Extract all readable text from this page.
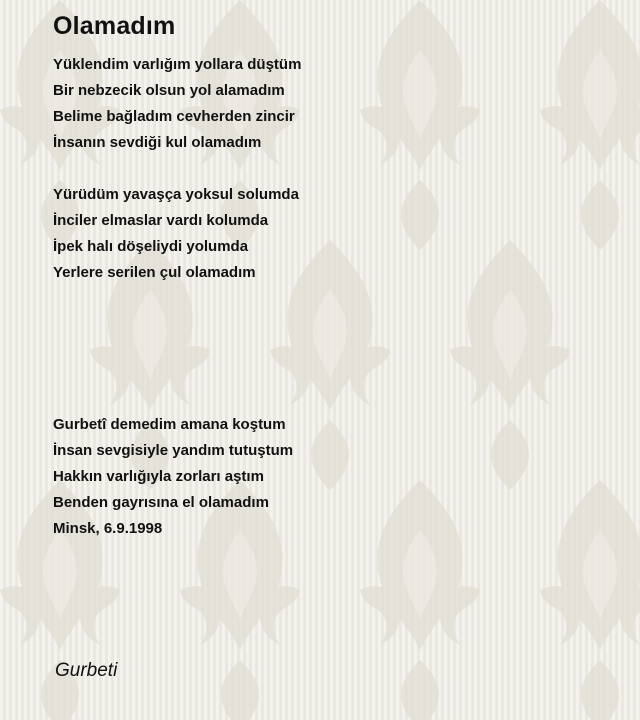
Olamadım
Yüklendim varlığım yollara düştüm
Bir nebzecik olsun yol alamadım
Belime bağladım cevherden zincir
İnsanın sevdiği kul olamadım
Yürüdüm yavaşça yoksul solumda
İnciler elmaslar vardı kolumda
İpek halı döşeliydi yolumda
Yerlere serilen çul olamadım
Gurbetî demedim amana koştum
İnsan sevgisiyle yandım tutuştum
Hakkın varlığıyla zorları aştım
Benden gayrısına el olamadım
Minsk, 6.9.1998
Gurbeti
